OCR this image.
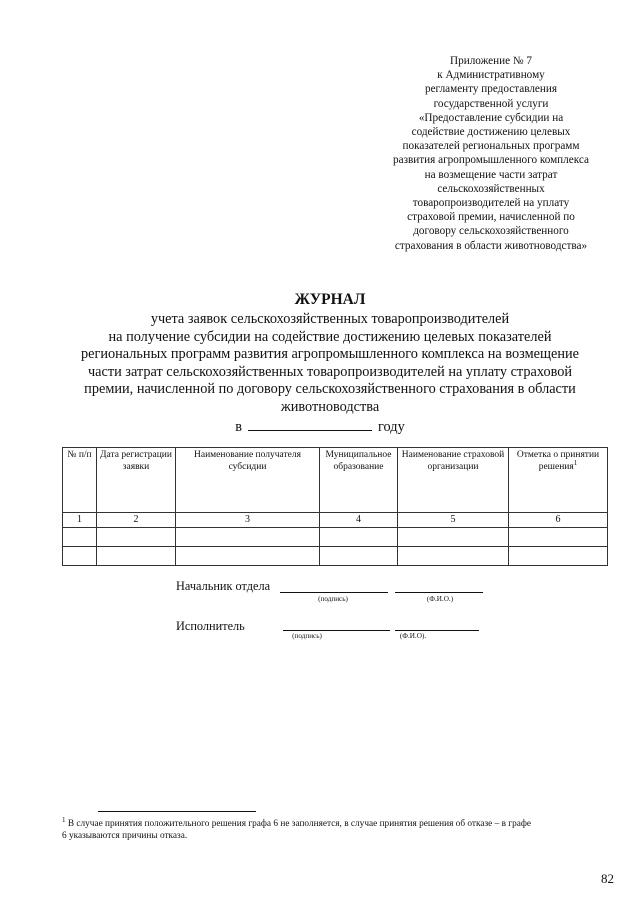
Приложение № 7
к Административному
регламенту предоставления
государственной услуги
«Предоставление субсидии на
содействие достижению целевых
показателей региональных программ
развития агропромышленного комплекса
на возмещение части затрат
сельскохозяйственных
товаропроизводителей на уплату
страховой премии, начисленной по
договору сельскохозяйственного
страхования в области животноводства»
ЖУРНАЛ
учета заявок сельскохозяйственных товаропроизводителей
на получение субсидии на содействие достижению целевых показателей
региональных программ развития агропромышленного комплекса на возмещение
части затрат сельскохозяйственных товаропроизводителей на уплату страховой
премии, начисленной по договору сельскохозяйственного страхования в области
животноводства
в	году
№ п/п	Дата регистрации заявки	Наименование получателя субсидии	Муниципальное образование	Наименование страховой организации	Отметка о принятии решения$^1$
1	2	3	4	5	6

Начальник отдела
(подпись)	(Ф.И.О.)
Исполнитель
(подпись)	(Ф.И.О).
$^1$ В случае принятия положительного решения графа 6 не заполняется, в случае принятия решения об отказе – в графе
6 указываются причины отказа.
82
